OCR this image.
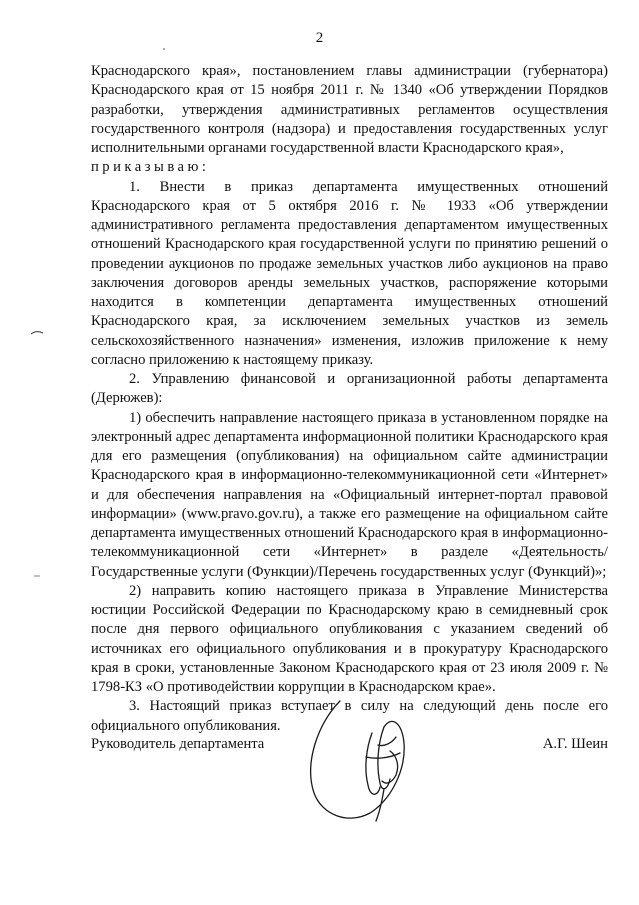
2

Краснодарского края», постановлением главы администрации (губернатора) Краснодарского края от 15 ноября 2011 г. № 1340 «Об утверждении Порядков разработки, утверждения административных регламентов осуществления государственного контроля (надзора) и предоставления государственных услуг исполнительными органами государственной власти Краснодарского края»,

приказываю:

1. Внести в приказ департамента имущественных отношений Краснодарского края от 5 октября 2016 г. № 1933 «Об утверждении административного регламента предоставления департаментом имущественных отношений Краснодарского края государственной услуги по принятию решений о проведении аукционов по продаже земельных участков либо аукционов на право заключения договоров аренды земельных участков, распоряжение которыми находится в компетенции департамента имущественных отношений Краснодарского края, за исключением земельных участков из земель сельскохозяйственного назначения» изменения, изложив приложение к нему согласно приложению к настоящему приказу.

2. Управлению финансовой и организационной работы департамента (Дерюжев):

1) обеспечить направление настоящего приказа в установленном порядке на электронный адрес департамента информационной политики Краснодарского края для его размещения (опубликования) на официальном сайте администрации Краснодарского края в информационно-телекоммуникационной сети «Интернет» и для обеспечения направления на «Официальный интернет-портал правовой информации» (www.pravo.gov.ru), а также его размещение на официальном сайте департамента имущественных отношений Краснодарского края в информационно-телекоммуникационной сети «Интернет» в разделе «Деятельность/Государственные услуги (Функции)/Перечень государственных услуг (Функций)»;

2) направить копию настоящего приказа в Управление Министерства юстиции Российской Федерации по Краснодарскому краю в семидневный срок после дня первого официального опубликования с указанием сведений об источниках его официального опубликования и в прокуратуру Краснодарского края в сроки, установленные Законом Краснодарского края от 23 июля 2009 г. № 1798-КЗ «О противодействии коррупции в Краснодарском крае».

3. Настоящий приказ вступает в силу на следующий день после его официального опубликования.

Руководитель департамента	А.Г. Шеин
